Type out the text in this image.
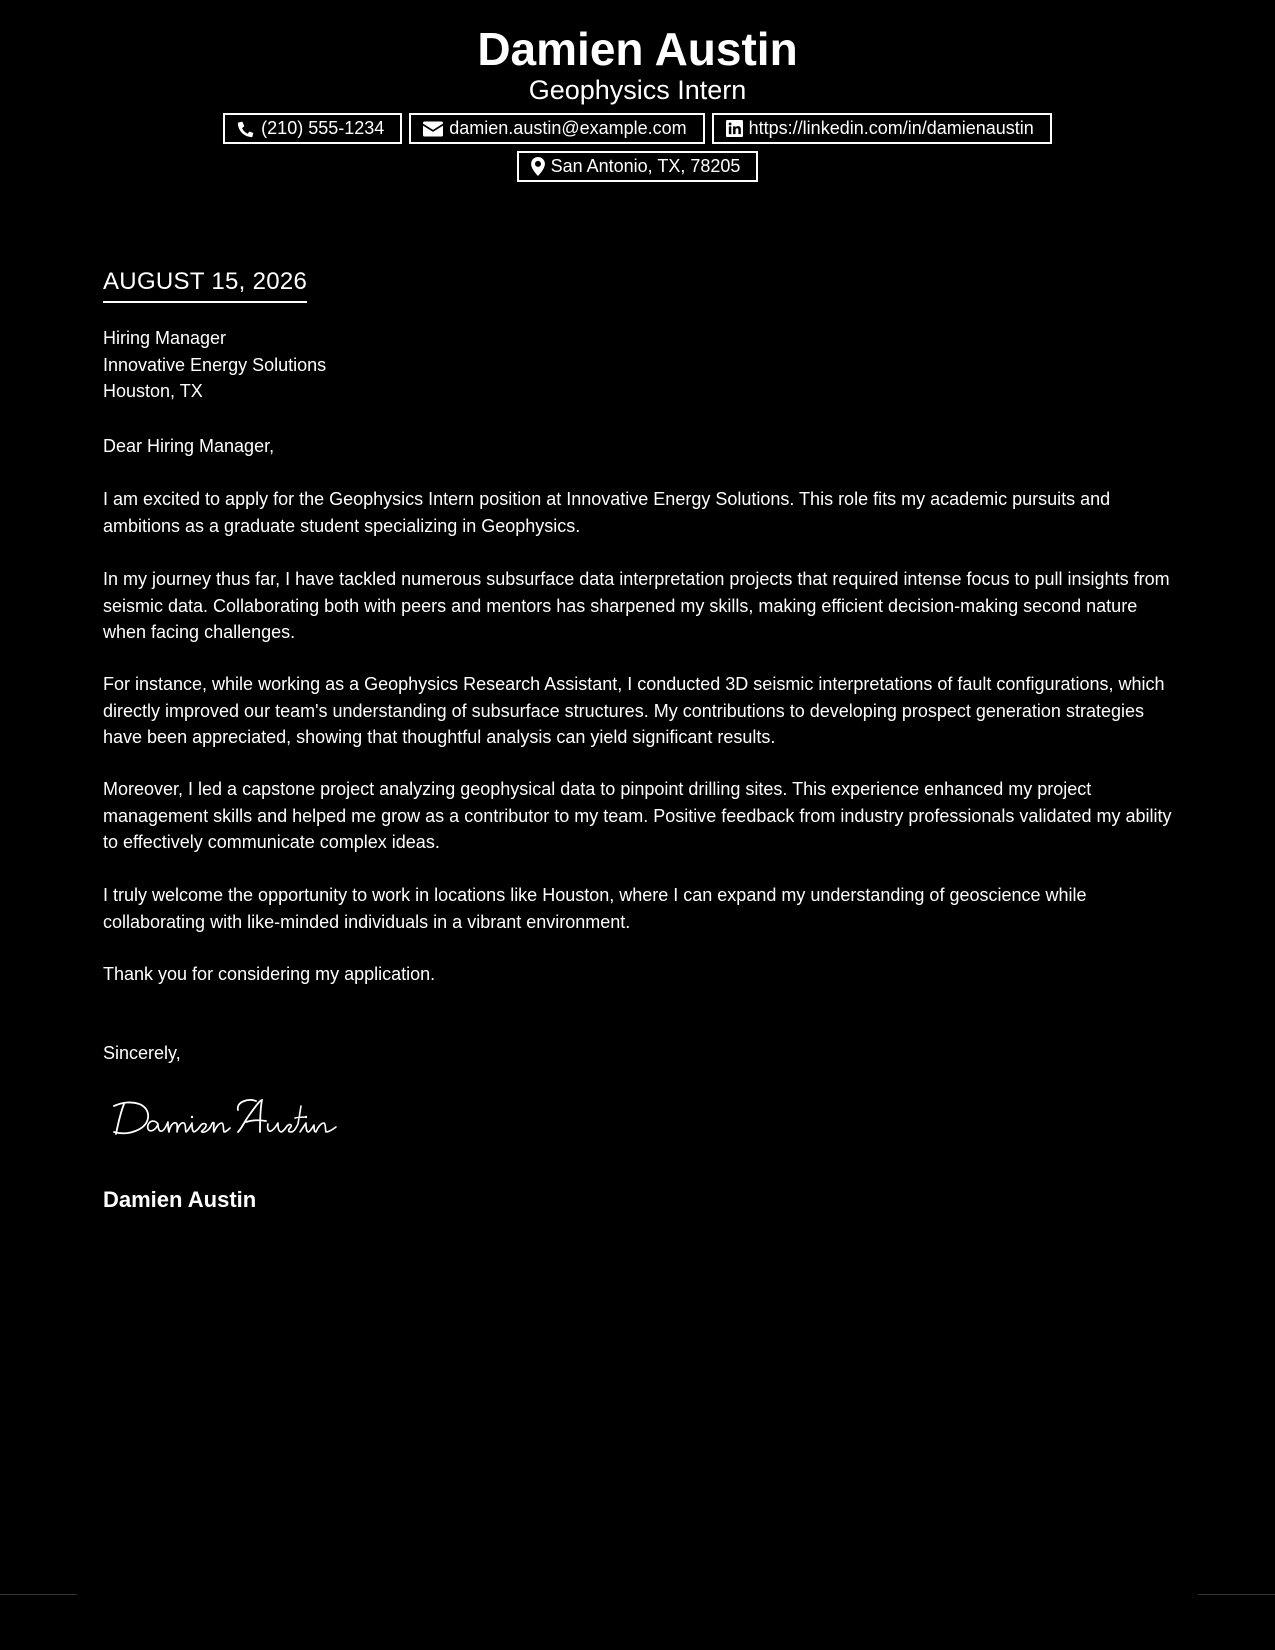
Damien Austin
Geophysics Intern
(210) 555-1234	damien.austin@example.com	https://linkedin.com/in/damienaustin
San Antonio, TX, 78205
AUGUST 15, 2026
Hiring Manager
Innovative Energy Solutions
Houston, TX
Dear Hiring Manager,

I am excited to apply for the Geophysics Intern position at Innovative Energy Solutions. This role fits my academic pursuits and ambitions as a graduate student specializing in Geophysics.

In my journey thus far, I have tackled numerous subsurface data interpretation projects that required intense focus to pull insights from seismic data. Collaborating both with peers and mentors has sharpened my skills, making efficient decision-making second nature when facing challenges.

For instance, while working as a Geophysics Research Assistant, I conducted 3D seismic interpretations of fault configurations, which directly improved our team's understanding of subsurface structures. My contributions to developing prospect generation strategies have been appreciated, showing that thoughtful analysis can yield significant results.

Moreover, I led a capstone project analyzing geophysical data to pinpoint drilling sites. This experience enhanced my project management skills and helped me grow as a contributor to my team. Positive feedback from industry professionals validated my ability to effectively communicate complex ideas.

I truly welcome the opportunity to work in locations like Houston, where I can expand my understanding of geoscience while collaborating with like-minded individuals in a vibrant environment.

Thank you for considering my application.
Sincerely,
Damien Austin
